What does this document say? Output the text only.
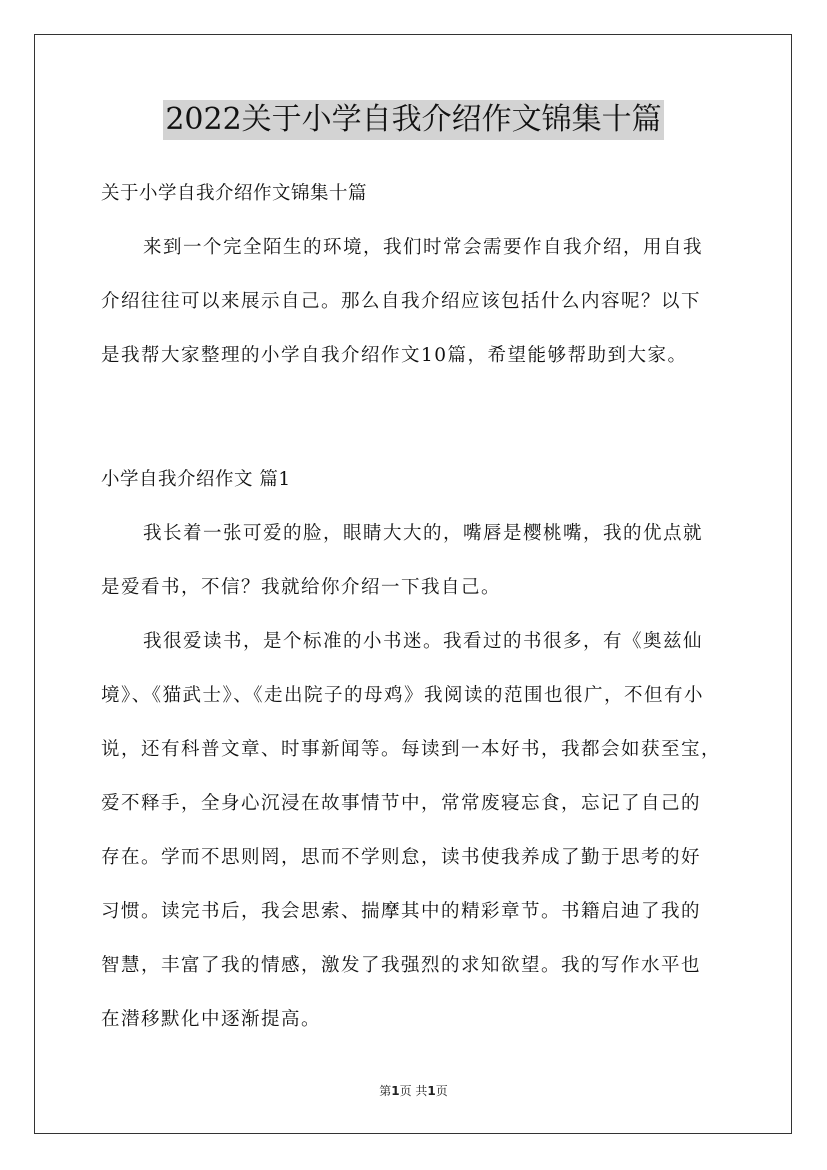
2022关于小学自我介绍作文锦集十篇
关于小学自我介绍作文锦集十篇
来到一个完全陌生的环境，我们时常会需要作自我介绍，用自我
介绍往往可以来展示自己。那么自我介绍应该包括什么内容呢？以下
是我帮大家整理的小学自我介绍作文10篇，希望能够帮助到大家。
小学自我介绍作文 篇1
我长着一张可爱的脸，眼睛大大的，嘴唇是樱桃嘴，我的优点就
是爱看书，不信？我就给你介绍一下我自己。
我很爱读书，是个标准的小书迷。我看过的书很多，有《奥兹仙
境》、《猫武士》、《走出院子的母鸡》我阅读的范围也很广，不但有小
说，还有科普文章、时事新闻等。每读到一本好书，我都会如获至宝，
爱不释手，全身心沉浸在故事情节中，常常废寝忘食，忘记了自己的
存在。学而不思则罔，思而不学则怠，读书使我养成了勤于思考的好
习惯。读完书后，我会思索、揣摩其中的精彩章节。书籍启迪了我的
智慧，丰富了我的情感，激发了我强烈的求知欲望。我的写作水平也
在潜移默化中逐渐提高。
第1页 共1页
